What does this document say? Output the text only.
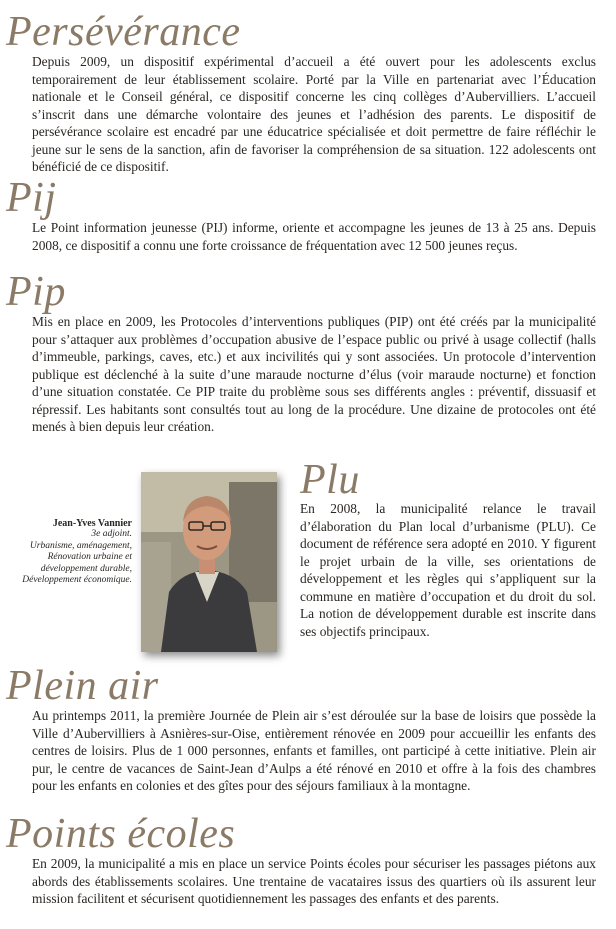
Persévérance

Depuis 2009, un dispositif expérimental d’accueil a été ouvert pour les adolescents exclus temporairement de leur établissement scolaire. Porté par la Ville en partenariat avec l’Éducation nationale et le Conseil général, ce dispositif concerne les cinq collèges d’Aubervilliers. L’accueil s’inscrit dans une démarche volontaire des jeunes et l’adhésion des parents. Le dispositif de persévérance scolaire est encadré par une éducatrice spécialisée et doit permettre de faire réfléchir le jeune sur le sens de la sanction, afin de favoriser la compréhension de sa situation. 122 adolescents ont bénéficié de ce dispositif.

Pij

Le Point information jeunesse (PIJ) informe, oriente et accompagne les jeunes de 13 à 25 ans. Depuis 2008, ce dispositif a connu une forte croissance de fréquentation avec 12 500 jeunes reçus.

Pip

Mis en place en 2009, les Protocoles d’interventions publiques (PIP) ont été créés par la municipalité pour s’attaquer aux problèmes d’occupation abusive de l’espace public ou privé à usage collectif (halls d’immeuble, parkings, caves, etc.) et aux incivilités qui y sont associées. Un protocole d’intervention publique est déclenché à la suite d’une maraude nocturne d’élus (voir maraude nocturne) et fonction d’une situation constatée. Ce PIP traite du problème sous ses différents angles : préventif, dissuasif et répressif. Les habitants sont consultés tout au long de la procédure. Une dizaine de protocoles ont été menés à bien depuis leur création.

Jean-Yves Vannier
3e adjoint.
Urbanisme, aménagement, Rénovation urbaine et développement durable, Développement économique.
Plu

En 2008, la municipalité relance le travail d’élaboration du Plan local d’urbanisme (PLU). Ce document de référence sera adopté en 2010. Y figurent le projet urbain de la ville, ses orientations de développement et les règles qui s’appliquent sur la commune en matière d’occupation et du droit du sol. La notion de développement durable est inscrite dans ses objectifs principaux.

Plein air

Au printemps 2011, la première Journée de Plein air s’est déroulée sur la base de loisirs que possède la Ville d’Aubervilliers à Asnières-sur-Oise, entièrement rénovée en 2009 pour accueillir les enfants des centres de loisirs. Plus de 1 000 personnes, enfants et familles, ont participé à cette initiative. Plein air pur, le centre de vacances de Saint-Jean d’Aulps a été rénové en 2010 et offre à la fois des chambres pour les enfants en colonies et des gîtes pour des séjours familiaux à la montagne.

Points écoles

En 2009, la municipalité a mis en place un service Points écoles pour sécuriser les passages piétons aux abords des établissements scolaires. Une trentaine de vacataires issus des quartiers où ils assurent leur mission facilitent et sécurisent quotidiennement les passages des enfants et des parents.
